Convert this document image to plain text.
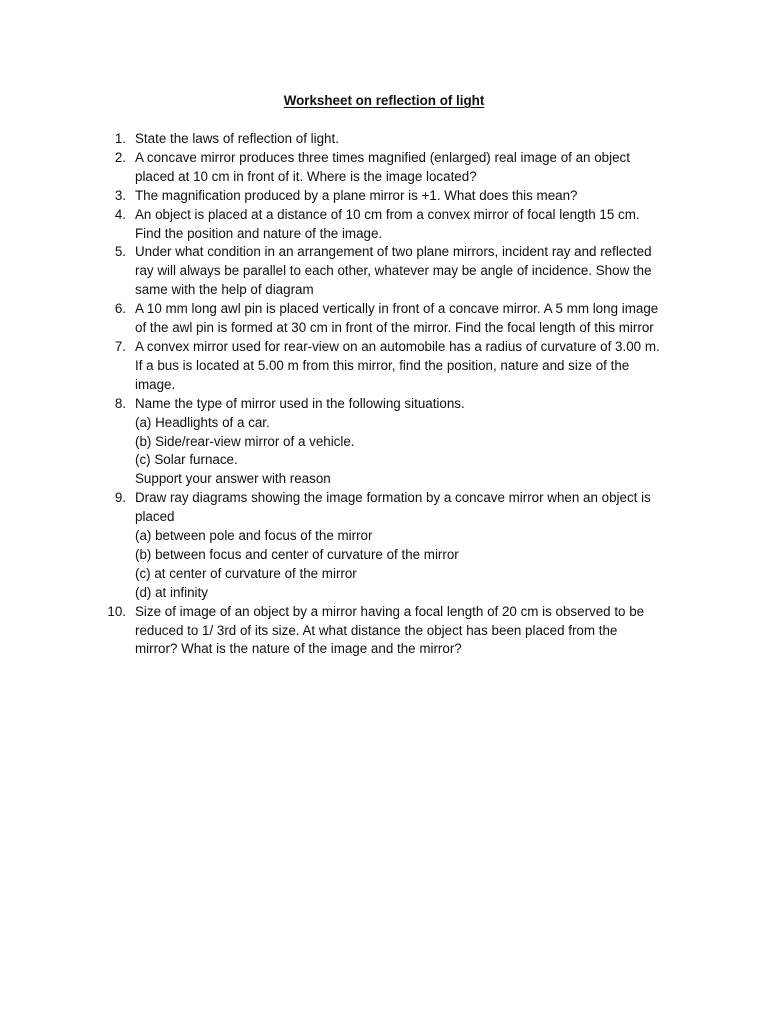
Worksheet on reflection of light
1. State the laws of reflection of light.
2. A concave mirror produces three times magnified (enlarged) real image of an object
placed at 10 cm in front of it. Where is the image located?
3. The magnification produced by a plane mirror is +1. What does this mean?
4. An object is placed at a distance of 10 cm from a convex mirror of focal length 15 cm.
Find the position and nature of the image.
5. Under what condition in an arrangement of two plane mirrors, incident ray and reflected
ray will always be parallel to each other, whatever may be angle of incidence. Show the
same with the help of diagram
6. A 10 mm long awl pin is placed vertically in front of a concave mirror. A 5 mm long image
of the awl pin is formed at 30 cm in front of the mirror. Find the focal length of this mirror
7. A convex mirror used for rear-view on an automobile has a radius of curvature of 3.00 m.
If a bus is located at 5.00 m from this mirror, find the position, nature and size of the
image.
8. Name the type of mirror used in the following situations.
(a) Headlights of a car.
(b) Side/rear-view mirror of a vehicle.
(c) Solar furnace.
Support your answer with reason
9. Draw ray diagrams showing the image formation by a concave mirror when an object is
placed
(a) between pole and focus of the mirror
(b) between focus and center of curvature of the mirror
(c) at center of curvature of the mirror
(d) at infinity
10. Size of image of an object by a mirror having a focal length of 20 cm is observed to be
reduced to 1/ 3rd of its size. At what distance the object has been placed from the
mirror? What is the nature of the image and the mirror?
